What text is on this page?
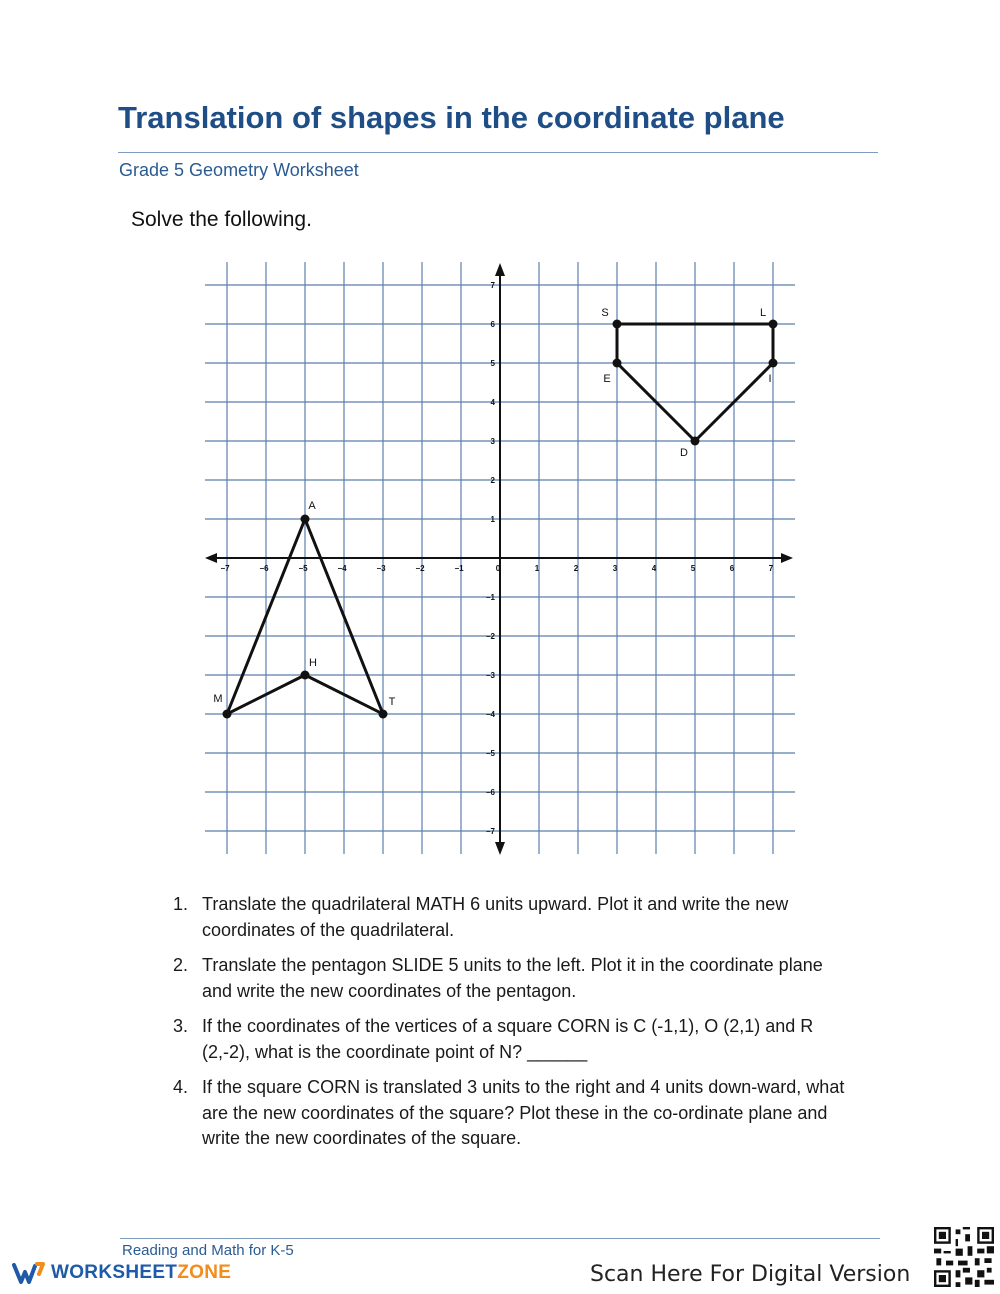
Translation of shapes in the coordinate plane
Grade 5 Geometry Worksheet
Solve the following.
−7	−6	−5	−4	−3	−2	−1	0	1	2	3	4	5	6	7
7
6
5
4
3
2
1
−1
−2
−3
−4
−5
−6
−7
M
A
T
H
S	L
I
D
E
1. Translate the quadrilateral MATH 6 units upward. Plot it and write the new coordinates of the quadrilateral.
2. Translate the pentagon SLIDE 5 units to the left. Plot it in the coordinate plane and write the new coordinates of the pentagon.
3. If the coordinates of the vertices of a square CORN is C (-1,1), O (2,1) and R (2,-2), what is the coordinate point of N? ______
4. If the square CORN is translated 3 units to the right and 4 units down-ward, what are the new coordinates of the square? Plot these in the co-ordinate plane and write the new coordinates of the square.
Reading and Math for K-5
WORKSHEETZONE	Scan Here For Digital Version
